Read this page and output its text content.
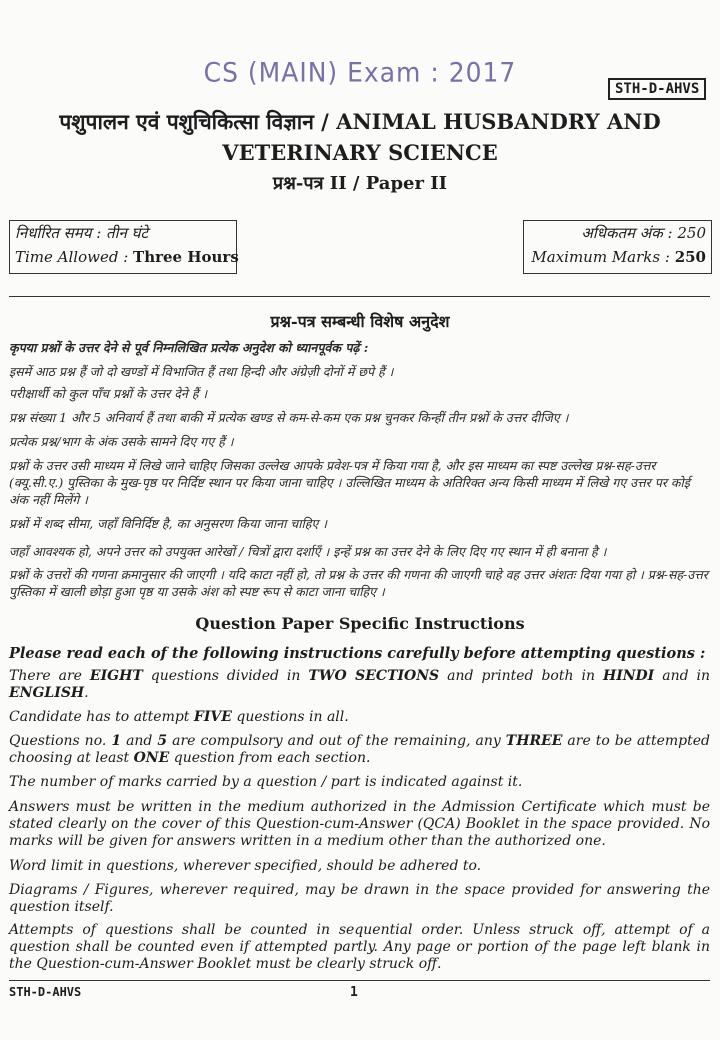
CS (MAIN) Exam : 2017
STH-D-AHVS
पशुपालन एवं पशुचिकित्सा विज्ञान / ANIMAL HUSBANDRY AND
VETERINARY SCIENCE
प्रश्न-पत्र II / Paper II
निर्धारित समय : तीन घंटे
Time Allowed : Three Hours
अधिकतम अंक : 250
Maximum Marks : 250
प्रश्न-पत्र सम्बन्धी विशेष अनुदेश
कृपया प्रश्नों के उत्तर देने से पूर्व निम्नलिखित प्रत्येक अनुदेश को ध्यानपूर्वक पढ़ें :
इसमें आठ प्रश्न हैं जो दो खण्डों में विभाजित हैं तथा हिन्दी और अंग्रेज़ी दोनों में छपे हैं ।
परीक्षार्थी को कुल पाँच प्रश्नों के उत्तर देने हैं ।
प्रश्न संख्या 1 और 5 अनिवार्य हैं तथा बाकी में प्रत्येक खण्ड से कम-से-कम एक प्रश्न चुनकर किन्हीं तीन प्रश्नों के उत्तर दीजिए ।
प्रत्येक प्रश्न/भाग के अंक उसके सामने दिए गए हैं ।
प्रश्नों के उत्तर उसी माध्यम में लिखे जाने चाहिए जिसका उल्लेख आपके प्रवेश-पत्र में किया गया है, और इस माध्यम का स्पष्ट उल्लेख प्रश्न-सह-उत्तर (क्यू.सी.ए.) पुस्तिका के मुख-पृष्ठ पर निर्दिष्ट स्थान पर किया जाना चाहिए । उल्लिखित माध्यम के अतिरिक्त अन्य किसी माध्यम में लिखे गए उत्तर पर कोई अंक नहीं मिलेंगे ।
प्रश्नों में शब्द सीमा, जहाँ विनिर्दिष्ट है, का अनुसरण किया जाना चाहिए ।
जहाँ आवश्यक हो, अपने उत्तर को उपयुक्त आरेखों / चित्रों द्वारा दर्शाएँ । इन्हें प्रश्न का उत्तर देने के लिए दिए गए स्थान में ही बनाना है ।
प्रश्नों के उत्तरों की गणना क्रमानुसार की जाएगी । यदि काटा नहीं हो, तो प्रश्न के उत्तर की गणना की जाएगी चाहे वह उत्तर अंशतः दिया गया हो । प्रश्न-सह-उत्तर पुस्तिका में खाली छोड़ा हुआ पृष्ठ या उसके अंश को स्पष्ट रूप से काटा जाना चाहिए ।
Question Paper Specific Instructions
Please read each of the following instructions carefully before attempting questions :
There are EIGHT questions divided in TWO SECTIONS and printed both in HINDI and in ENGLISH.
Candidate has to attempt FIVE questions in all.
Questions no. 1 and 5 are compulsory and out of the remaining, any THREE are to be attempted choosing at least ONE question from each section.
The number of marks carried by a question / part is indicated against it.
Answers must be written in the medium authorized in the Admission Certificate which must be stated clearly on the cover of this Question-cum-Answer (QCA) Booklet in the space provided. No marks will be given for answers written in a medium other than the authorized one.
Word limit in questions, wherever specified, should be adhered to.
Diagrams / Figures, wherever required, may be drawn in the space provided for answering the question itself.
Attempts of questions shall be counted in sequential order. Unless struck off, attempt of a question shall be counted even if attempted partly. Any page or portion of the page left blank in the Question-cum-Answer Booklet must be clearly struck off.
STH-D-AHVS	1
